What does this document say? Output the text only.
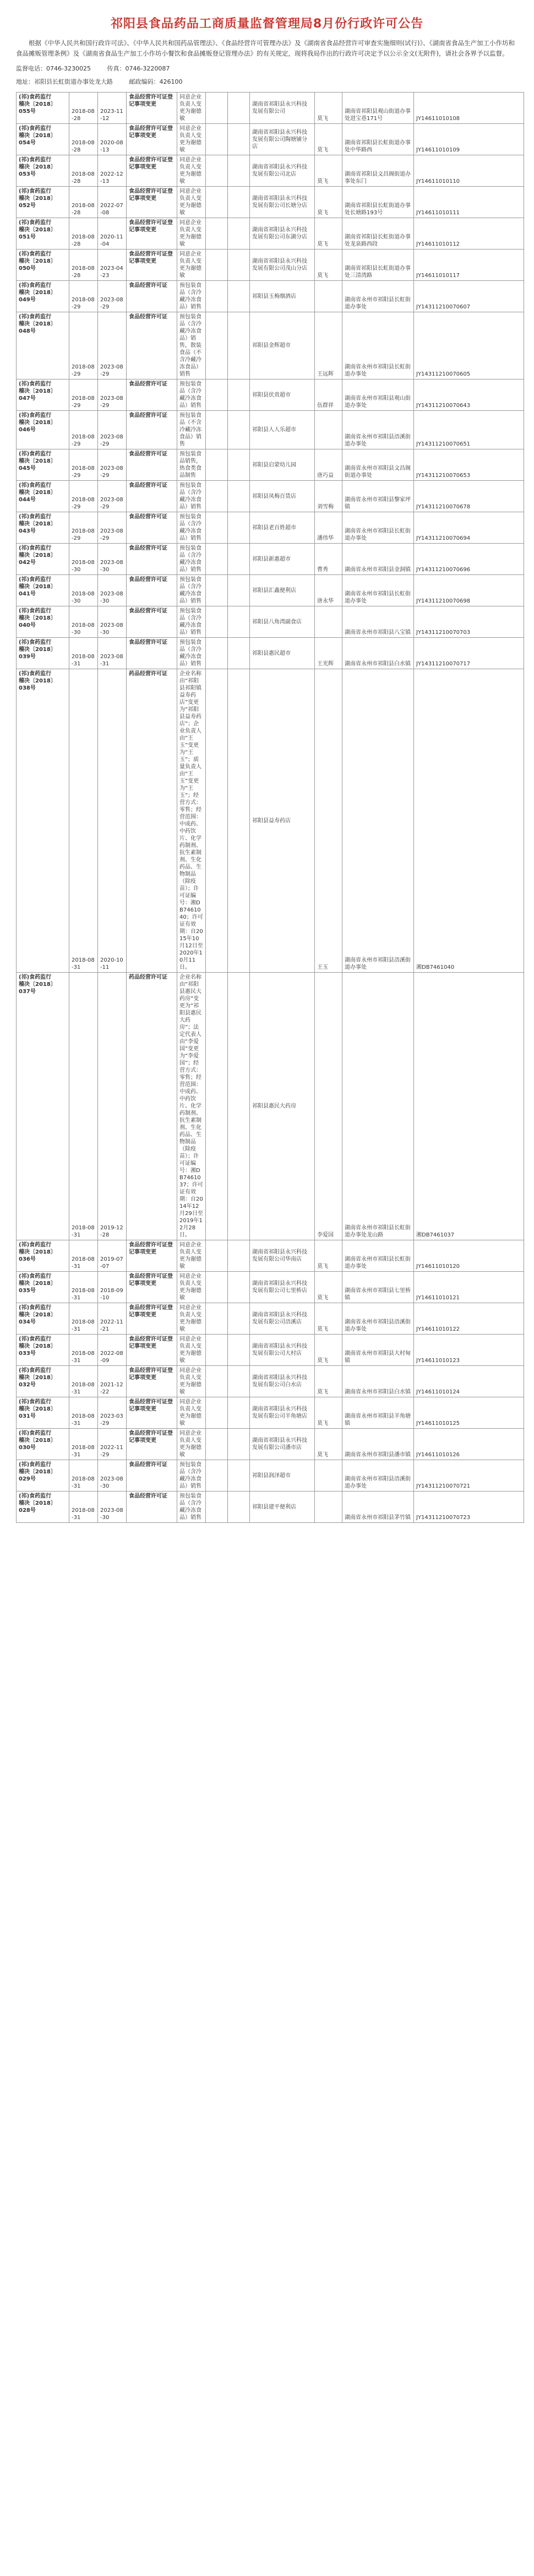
祁阳县食品药品工商质量监督管理局8月份行政许可公告

根据《中华人民共和国行政许可法》、《中华人民共和国药品管理法》、《食品经营许可管理办法》及《湖南省食品经营许可审查实施细则(试行)》、《湖南省食品生产加工小作坊和食品摊贩管理条例》及《湖南省食品生产加工小作坊小餐饮和食品摊贩登记管理办法》的有关规定，现将我局作出的行政许可决定予以公示全文(无附件)，请社会各界予以监督。

监督电话：0746-3230025	传真：0746-3220087
地址：祁阳县长虹街道办事处龙大路	邮政编码：426100
(祁)食药监行
稽决〔2018〕
055号	2018-08-28	2023-11-12	食品经营许可证登记事项变更	同意企业负责人变更为谢德敏			湖南省祁阳县永兴科技发展有限公司	莫飞	湖南省祁阳县观山街道办事处进宝巷171号	JY14611010108
(祁)食药监行
稽决〔2018〕
054号	2018-08-28	2020-08-13	食品经营许可证登记事项变更	同意企业负责人变更为谢德敏			湖南省祁阳县永兴科技发展有限公司陶塘铺分店	莫飞	湖南省祁阳县长虹街道办事处中华路西	JY14611010109
(祁)食药监行
稽决〔2018〕
053号	2018-08-28	2022-12-13	食品经营许可证登记事项变更	同意企业负责人变更为谢德敏			湖南省祁阳县永兴科技发展有限公司北店	莫飞	湖南省祁阳县文昌阁街道办事处东门	JY14611010110
(祁)食药监行
稽决〔2018〕
052号	2018-08-28	2022-07-08	食品经营许可证登记事项变更	同意企业负责人变更为谢德敏			湖南省祁阳县永兴科技发展有限公司长塘分店	莫飞	湖南省祁阳县长虹街道办事处长塘路193号	JY14611010111
(祁)食药监行
稽决〔2018〕
051号	2018-08-28	2020-11-04	食品经营许可证登记事项变更	同意企业负责人变更为谢德敏			湖南省祁阳县永兴科技发展有限公司东湖分店	莫飞	湖南省祁阳县长虹街道办事处龙泉路西段	JY14611010112
(祁)食药监行
稽决〔2018〕
050号	2018-08-28	2023-04-23	食品经营许可证登记事项变更	同意企业负责人变更为谢德敏			湖南省祁阳县永兴科技发展有限公司茂山分店	莫飞	湖南省祁阳县长虹街道办事处三清湾路	JY14611010117
(祁)食药监行
稽决〔2018〕
049号	2018-08-29	2023-08-29	食品经营许可证	预包装食品（含冷藏冷冻食品）销售			祁阳县玉梅烟酒店		湖南省永州市祁阳县长虹街道办事处	JY14311210070607
(祁)食药监行
稽决〔2018〕
048号	2018-08-29	2023-08-29	食品经营许可证	预包装食品（含冷藏冷冻食品）销售，散装食品（不含冷藏冷冻食品）销售			祁阳县金辉超市	王远辉	湖南省永州市祁阳县长虹街道办事处	JY14311210070605
(祁)食药监行
稽决〔2018〕
047号	2018-08-29	2023-08-29	食品经营许可证	预包装食品（含冷藏冷冻食品）销售			祁阳县伏贵超市	伍群祥	湖南省永州市祁阳县观山街道办事处	JY14311210070643
(祁)食药监行
稽决〔2018〕
046号	2018-08-29	2023-08-29	食品经营许可证	预包装食品（不含冷藏冷冻食品）销售			祁阳县人人乐超市		湖南省永州市祁阳县浯溪街道办事处	JY14311210070651
(祁)食药监行
稽决〔2018〕
045号	2018-08-29	2023-08-29	食品经营许可证	预包装食品销售，热食类食品制售			祁阳县启蒙幼儿园	唐巧益	湖南省永州市祁阳县文昌阁街道办事处	JY14311210070653
(祁)食药监行
稽决〔2018〕
044号	2018-08-29	2023-08-29	食品经营许可证	预包装食品（含冷藏冷冻食品）销售			祁阳县凤梅百货店	刘雪梅	湖南省永州市祁阳县黎家坪镇	JY14311210070678
(祁)食药监行
稽决〔2018〕
043号	2018-08-29	2023-08-29	食品经营许可证	预包装食品（含冷藏冷冻食品）销售			祁阳县老百姓超市	潘伟华	湖南省永州市祁阳县长虹街道办事处	JY14311210070694
(祁)食药监行
稽决〔2018〕
042号	2018-08-30	2023-08-30	食品经营许可证	预包装食品（含冷藏冷冻食品）销售			祁阳县新惠超市	曹秀	湖南省永州市祁阳县金洞镇	JY14311210070696
(祁)食药监行
稽决〔2018〕
041号	2018-08-30	2023-08-30	食品经营许可证	预包装食品（含冷藏冷冻食品）销售			祁阳县汇鑫便利店	唐永华	湖南省永州市祁阳县长虹街道办事处	JY14311210070698
(祁)食药监行
稽决〔2018〕
040号	2018-08-30	2023-08-30	食品经营许可证	预包装食品（含冷藏冷冻食品）销售			祁阳县八角湾副食店		湖南省永州市祁阳县八宝镇	JY14311210070703
(祁)食药监行
稽决〔2018〕
039号	2018-08-31	2023-08-31	食品经营许可证	预包装食品（含冷藏冷冻食品）销售			祁阳县惠民超市	王光辉	湖南省永州市祁阳县白水镇	JY14311210070717
(祁)食药监行
稽决〔2018〕
038号	2018-08-31	2020-10-11	药品经营许可证	企业名称由“祁阳县祁阳镇益寿药店”变更为“祁阳县益寿药店”；企业负责人由“王玉”变更为“王玉”；质量负责人由“王玉”变更为“王玉”；经营方式：零售；经营范围：中成药、中药饮片、化学药制剂、抗生素制剂、生化药品、生物制品（除疫苗）；许可证编号：湘DB7461040；许可证有效期：自2015年10月12日至2020年10月11日。			祁阳县益寿药店	王玉	湖南省永州市祁阳县浯溪街道办事处	湘DB7461040
(祁)食药监行
稽决〔2018〕
037号	2018-08-31	2019-12-28	药品经营许可证	企业名称由“祁阳县惠民大药房”变更为“祁阳县惠民大药房”；法定代表人由“李爱国”变更为“李爱国”；经营方式：零售；经营范围：中成药、中药饮片、化学药制剂、抗生素制剂、生化药品、生物制品（除疫苗）；许可证编号：湘DB7461037；许可证有效期：自2014年12月29日至2019年12月28日。			祁阳县惠民大药房	李爱国	湖南省永州市祁阳县长虹街道办事处龙山路	湘DB7461037
(祁)食药监行
稽决〔2018〕
036号	2018-08-31	2019-07-07	食品经营许可证登记事项变更	同意企业负责人变更为谢德敏			湖南省祁阳县永兴科技发展有限公司华南店	莫飞	湖南省永州市祁阳县长虹街道办事处	JY14611010120
(祁)食药监行
稽决〔2018〕
035号	2018-08-31	2018-09-10	食品经营许可证登记事项变更	同意企业负责人变更为谢德敏			湖南省祁阳县永兴科技发展有限公司七里桥店	莫飞	湖南省永州市祁阳县七里桥镇	JY14611010121
(祁)食药监行
稽决〔2018〕
034号	2018-08-31	2022-11-21	食品经营许可证登记事项变更	同意企业负责人变更为谢德敏			湖南省祁阳县永兴科技发展有限公司浯溪店	莫飞	湖南省永州市祁阳县浯溪街道办事处	JY14611010122
(祁)食药监行
稽决〔2018〕
033号	2018-08-31	2022-08-09	食品经营许可证登记事项变更	同意企业负责人变更为谢德敏			湖南省祁阳县永兴科技发展有限公司大村店	莫飞	湖南省永州市祁阳县大村甸镇	JY14611010123
(祁)食药监行
稽决〔2018〕
032号	2018-08-31	2021-12-22	食品经营许可证登记事项变更	同意企业负责人变更为谢德敏			湖南省祁阳县永兴科技发展有限公司白水店	莫飞	湖南省永州市祁阳县白水镇	JY14611010124
(祁)食药监行
稽决〔2018〕
031号	2018-08-31	2023-03-29	食品经营许可证登记事项变更	同意企业负责人变更为谢德敏			湖南省祁阳县永兴科技发展有限公司羊角塘店	莫飞	湖南省永州市祁阳县羊角塘镇	JY14611010125
(祁)食药监行
稽决〔2018〕
030号	2018-08-31	2022-11-29	食品经营许可证登记事项变更	同意企业负责人变更为谢德敏			湖南省祁阳县永兴科技发展有限公司潘市店	莫飞	湖南省永州市祁阳县潘市镇	JY14611010126
(祁)食药监行
稽决〔2018〕
029号	2018-08-31	2023-08-30	食品经营许可证	预包装食品（含冷藏冷冻食品）销售			祁阳县润泽超市		湖南省永州市祁阳县浯溪街道办事处	JY14311210070721
(祁)食药监行
稽决〔2018〕
028号	2018-08-31	2023-08-30	食品经营许可证	预包装食品（含冷藏冷冻食品）销售			祁阳县建平便利店		湖南省永州市祁阳县茅竹镇	JY14311210070723
